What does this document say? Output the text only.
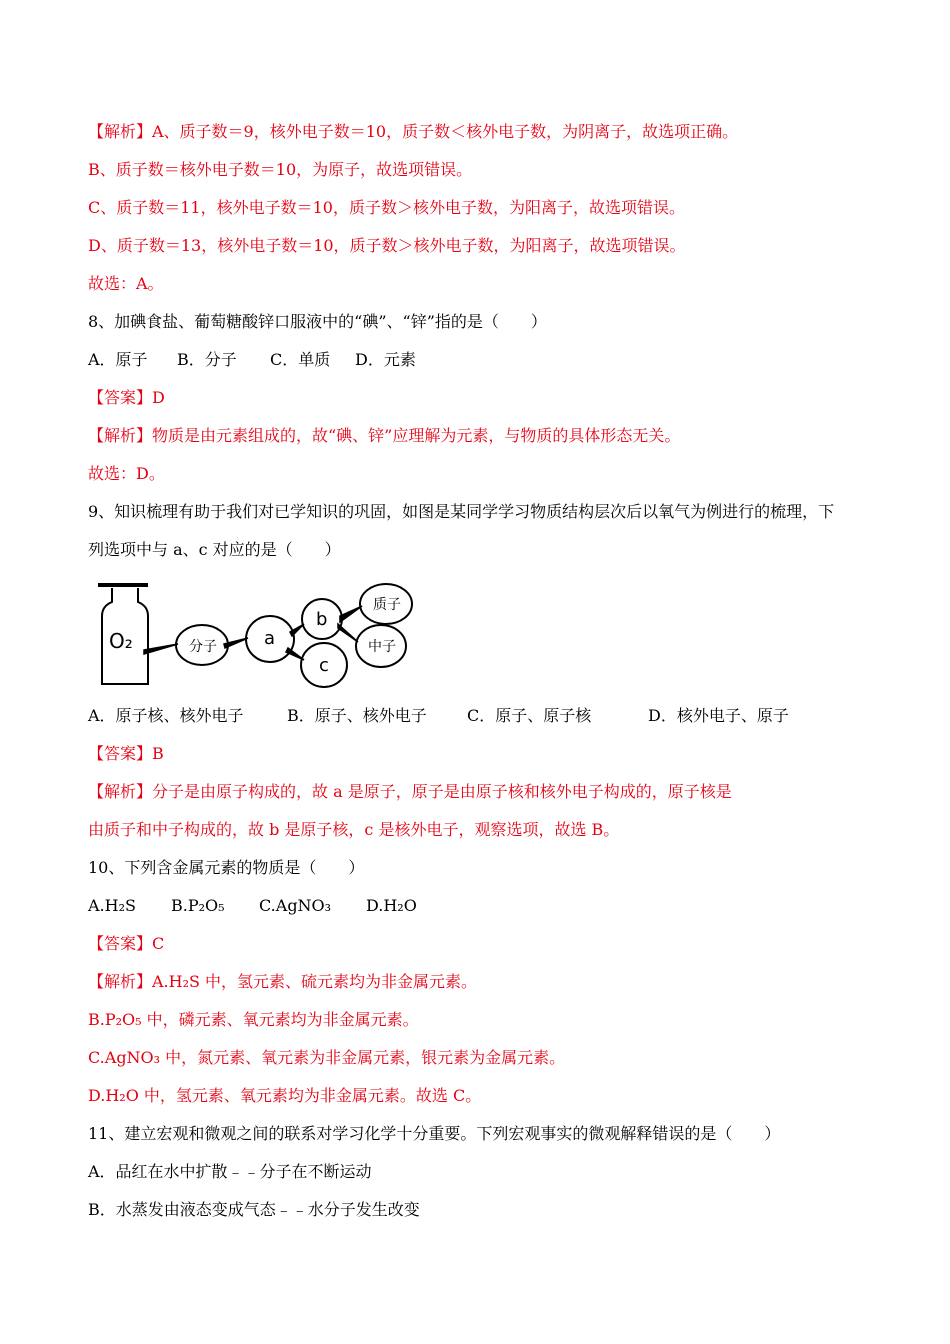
【解析】A、质子数＝9，核外电子数＝10，质子数＜核外电子数，为阴离子，故选项正确。
B、质子数＝核外电子数＝10，为原子，故选项错误。
C、质子数＝11，核外电子数＝10，质子数＞核外电子数，为阳离子，故选项错误。
D、质子数＝13，核外电子数＝10，质子数＞核外电子数，为阳离子，故选项错误。
故选：A。
8、加碘食盐、葡萄糖酸锌口服液中的“碘”、“锌”指的是（　　）
A．原子 B．分子 C．单质 D．元素
【答案】D
【解析】物质是由元素组成的，故“碘、锌”应理解为元素，与物质的具体形态无关。
故选：D。
9、知识梳理有助于我们对已学知识的巩固，如图是某同学学习物质结构层次后以氧气为例进行的梳理，下
列选项中与 a、c 对应的是（　　）
O₂	分子	a
b
c
质子
中子
A．原子核、核外电子	B．原子、核外电子	C．原子、原子核	D．核外电子、原子
【答案】B
【解析】分子是由原子构成的，故 a 是原子，原子是由原子核和核外电子构成的，原子核是
由质子和中子构成的，故 b 是原子核，c 是核外电子，观察选项，故选 B。
10、下列含金属元素的物质是（　　）
A.H₂S B.P₂O₅ C.AgNO₃ D.H₂O
【答案】C
【解析】A.H₂S 中，氢元素、硫元素均为非金属元素。
B.P₂O₅ 中，磷元素、氧元素均为非金属元素。
C.AgNO₃ 中，氮元素、氧元素为非金属元素，银元素为金属元素。
D.H₂O 中，氢元素、氧元素均为非金属元素。故选 C。
11、建立宏观和微观之间的联系对学习化学十分重要。下列宏观事实的微观解释错误的是（　　）
A．品红在水中扩散﹣﹣分子在不断运动
B．水蒸发由液态变成气态﹣﹣水分子发生改变
